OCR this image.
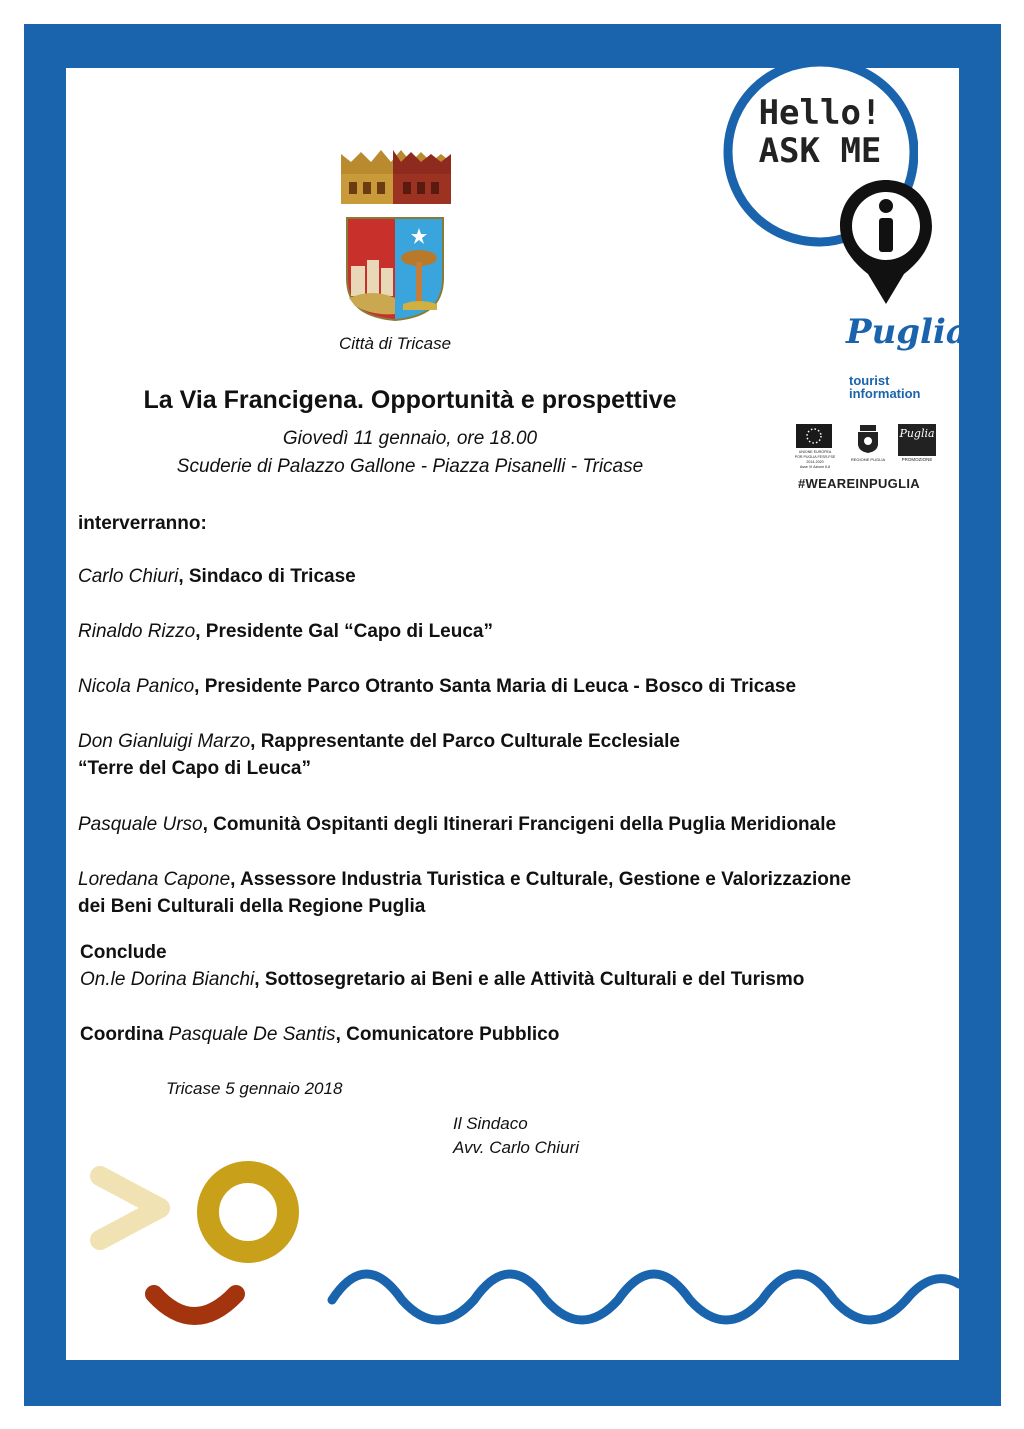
Città di Tricase
La Via Francigena. Opportunità e prospettive
Giovedì 11 gennaio, ore 18.00
Scuderie di Palazzo Gallone - Piazza Pisanelli - Tricase
Hello!
ASK ME
Puglia
tourist
information
UNIONE EUROPEA
POR PUGLIA FESR-FSE
2014-2020
Asse VI Azione 6.8
REGIONE PUGLIA
Puglia
PROMOZIONE
#WEAREINPUGLIA
interverranno:
Carlo Chiuri, Sindaco di Tricase
Rinaldo Rizzo, Presidente Gal “Capo di Leuca”
Nicola Panico, Presidente Parco Otranto Santa Maria di Leuca - Bosco di Tricase
Don Gianluigi Marzo, Rappresentante del Parco Culturale Ecclesiale
“Terre del Capo di Leuca”
Pasquale Urso, Comunità Ospitanti degli Itinerari Francigeni della Puglia Meridionale
Loredana Capone, Assessore Industria Turistica e Culturale, Gestione e Valorizzazione
dei Beni Culturali della Regione Puglia
Conclude
On.le Dorina Bianchi, Sottosegretario ai Beni e alle Attività Culturali e del Turismo
Coordina Pasquale De Santis, Comunicatore Pubblico
Tricase 5 gennaio 2018
Il Sindaco
Avv. Carlo Chiuri
